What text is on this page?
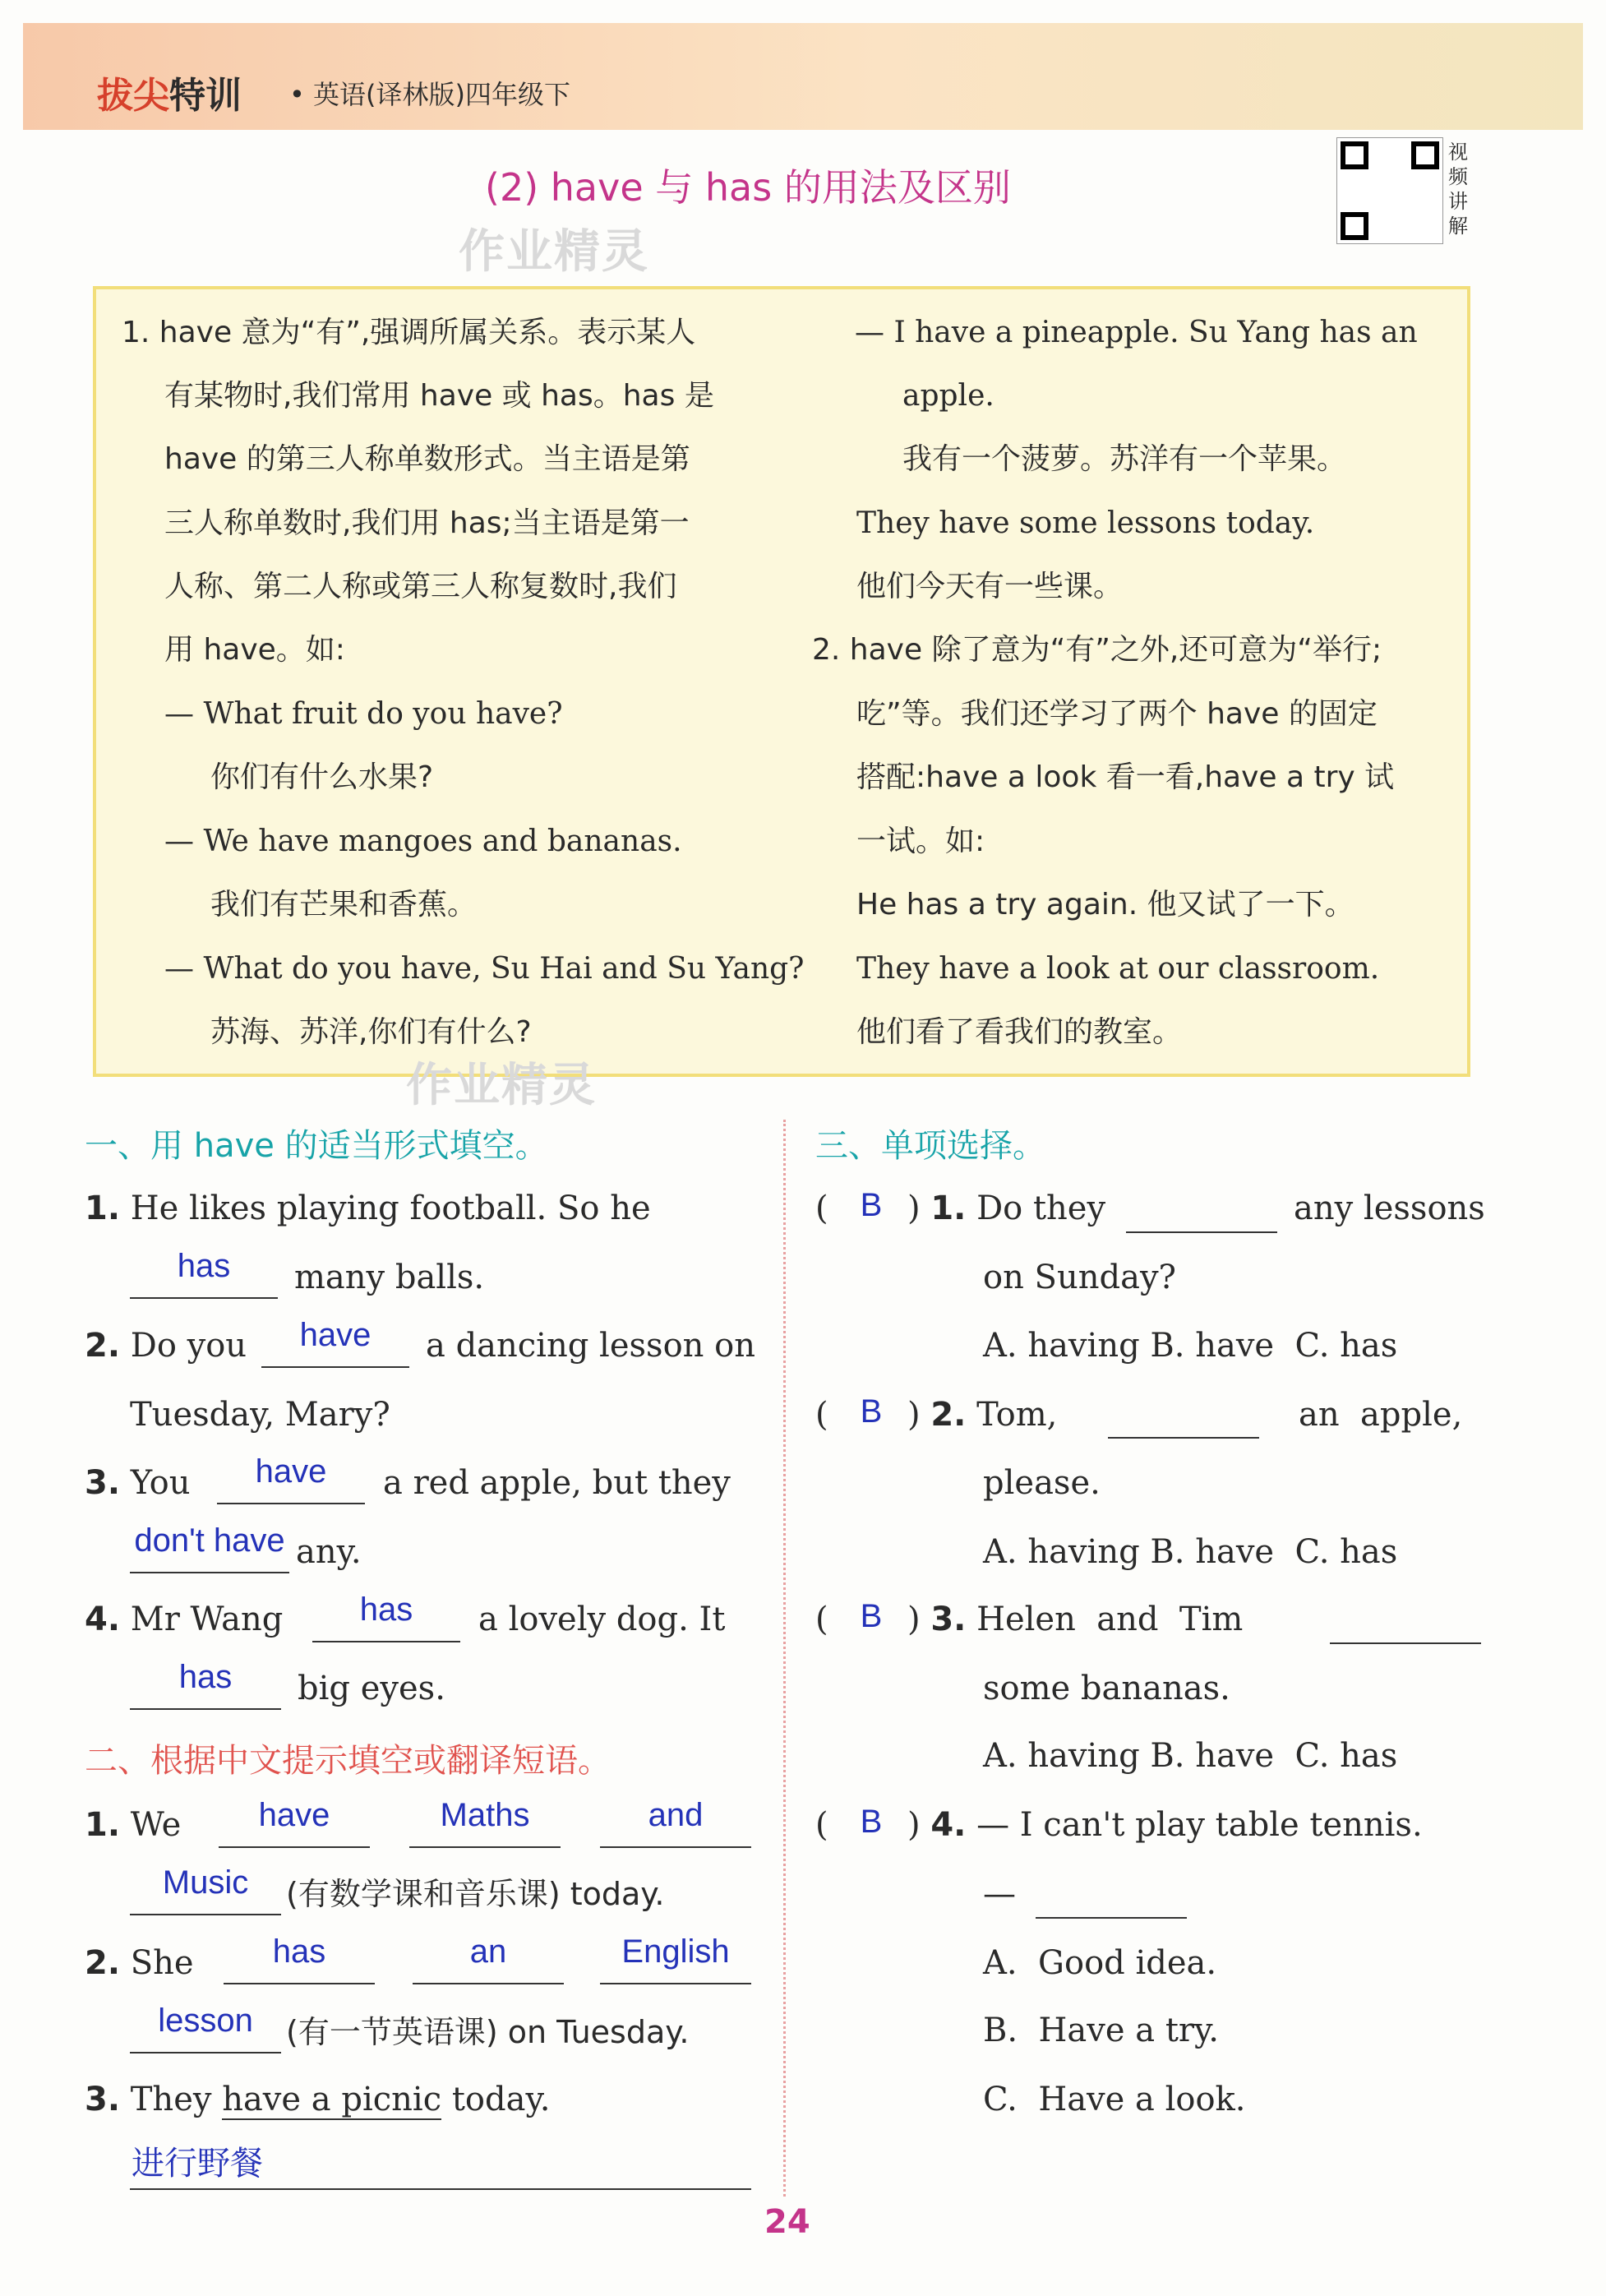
拔尖特训 • 英语(译林版)四年级下
(2) have 与 has 的用法及区别
视频讲解
作业精灵
1. have 意为“有”,强调所属关系。表示某人
有某物时,我们常用 have 或 has。has 是
have 的第三人称单数形式。当主语是第
三人称单数时,我们用 has;当主语是第一
人称、第二人称或第三人称复数时,我们
用 have。如:
— What fruit do you have?
你们有什么水果?
— We have mangoes and bananas.
我们有芒果和香蕉。
— What do you have, Su Hai and Su Yang?
苏海、苏洋,你们有什么?
— I have a pineapple. Su Yang has an
apple.
我有一个菠萝。苏洋有一个苹果。
They have some lessons today.
他们今天有一些课。
2. have 除了意为“有”之外,还可意为“举行;
吃”等。我们还学习了两个 have 的固定
搭配:have a look 看一看,have a try 试
一试。如:
He has a try again. 他又试了一下。
They have a look at our classroom.
他们看了看我们的教室。
作业精灵
一、用 have 的适当形式填空。
1. He likes playing football. So he
has	many balls.
2. Do you	have	a dancing lesson on
Tuesday, Mary?
3. You	have	a red apple, but they
don't have any.
4. Mr Wang	has	a lovely dog. It
has	big eyes.
二、根据中文提示填空或翻译短语。
1. We	have	Maths	and
Music	(有数学课和音乐课) today.
2. She	has	an	English
lesson	(有一节英语课) on Tuesday.
3. They have a picnic today.
进行野餐
三、单项选择。
( B ) 1. Do they	any lessons
on Sunday?
A. having B. have  C. has
( B ) 2. Tom,	an  apple,
please.
A. having B. have  C. has
( B ) 3. Helen  and  Tim
some bananas.
A. having B. have  C. has
( B ) 4. — I can't play table tennis.
—
A.  Good idea.
B.  Have a try.
C.  Have a look.
24
